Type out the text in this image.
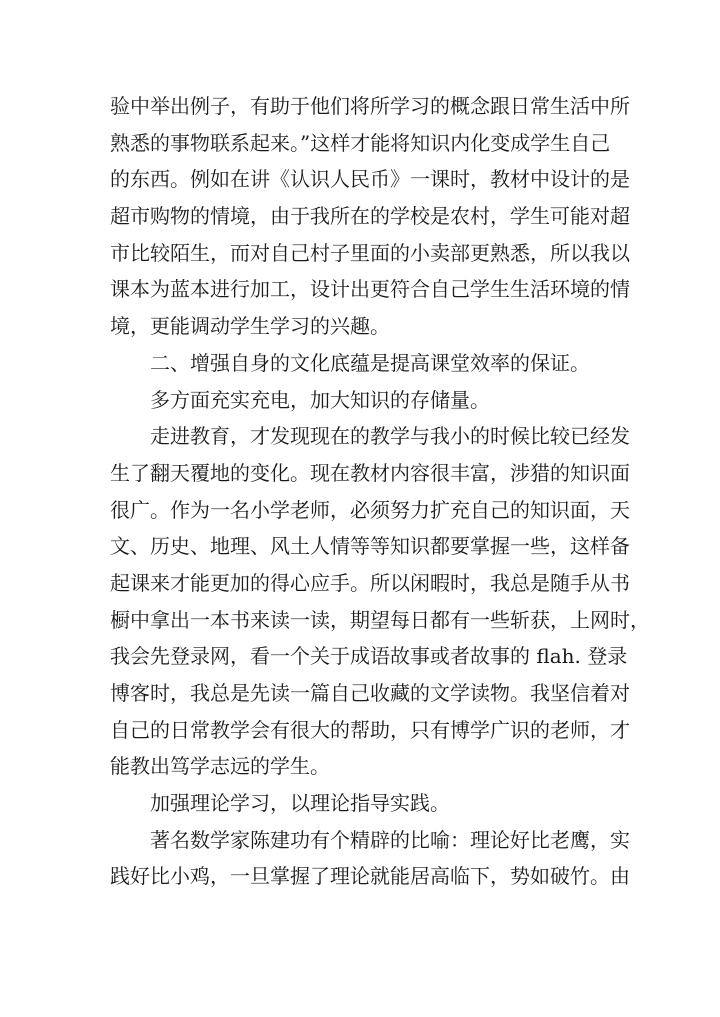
验中举出例子，有助于他们将所学习的概念跟日常生活中所
熟悉的事物联系起来。”这样才能将知识内化变成学生自己
的东西。例如在讲《认识人民币》一课时，教材中设计的是
超市购物的情境，由于我所在的学校是农村，学生可能对超
市比较陌生，而对自己村子里面的小卖部更熟悉，所以我以
课本为蓝本进行加工，设计出更符合自己学生生活环境的情
境，更能调动学生学习的兴趣。
二、增强自身的文化底蕴是提高课堂效率的保证。
多方面充实充电，加大知识的存储量。
走进教育，才发现现在的教学与我小的时候比较已经发
生了翻天覆地的变化。现在教材内容很丰富，涉猎的知识面
很广。作为一名小学老师，必须努力扩充自己的知识面，天
文、历史、地理、风土人情等等知识都要掌握一些，这样备
起课来才能更加的得心应手。所以闲暇时，我总是随手从书
橱中拿出一本书来读一读，期望每日都有一些斩获，上网时，
我会先登录网，看一个关于成语故事或者故事的 flah. 登录
博客时，我总是先读一篇自己收藏的文学读物。我坚信着对
自己的日常教学会有很大的帮助，只有博学广识的老师，才
能教出笃学志远的学生。
加强理论学习，以理论指导实践。
著名数学家陈建功有个精辟的比喻：理论好比老鹰，实
践好比小鸡，一旦掌握了理论就能居高临下，势如破竹。由
